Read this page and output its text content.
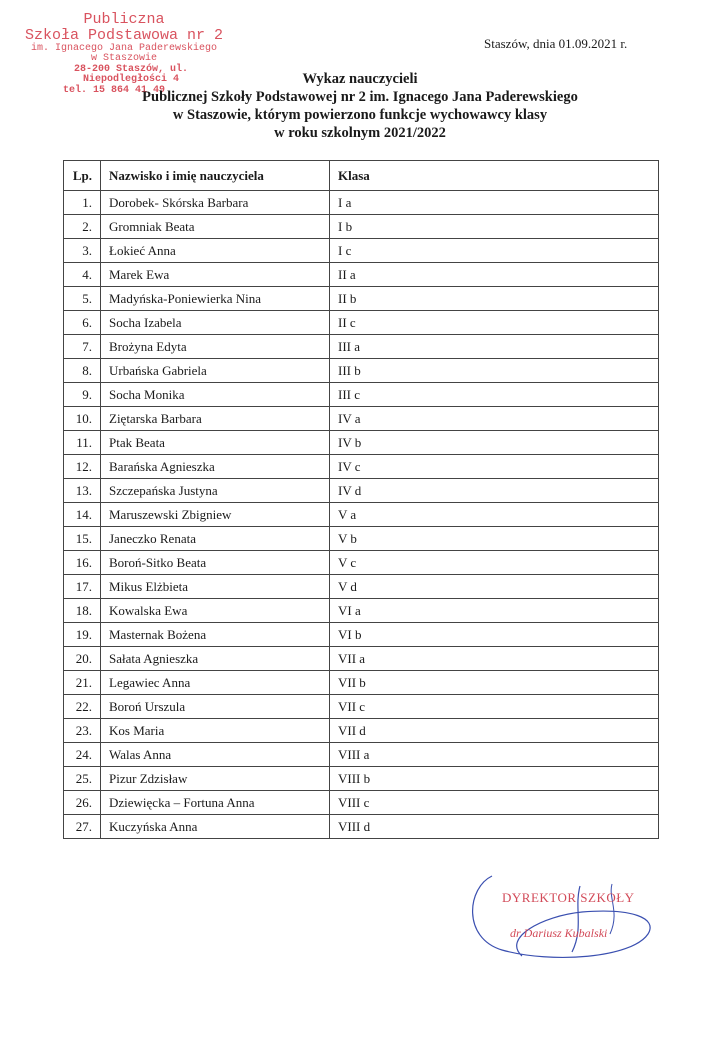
Publiczna
Szkoła Podstawowa nr 2
im. Ignacego Jana Paderewskiego
w Staszowie
28-200 Staszów, ul. Niepodległości 4
tel. 15 864 41 49
Staszów, dnia 01.09.2021 r.
Wykaz nauczycieli
Publicznej Szkoły Podstawowej nr 2 im. Ignacego Jana Paderewskiego
w Staszowie, którym powierzono funkcje wychowawcy klasy
w roku szkolnym 2021/2022
Lp.	Nazwisko i imię nauczyciela	Klasa
1.	Dorobek- Skórska Barbara	I a
2.	Gromniak Beata	I b
3.	Łokieć Anna	I c
4.	Marek Ewa	II a
5.	Madyńska-Poniewierka Nina	II b
6.	Socha Izabela	II c
7.	Brożyna Edyta	III a
8.	Urbańska Gabriela	III b
9.	Socha Monika	III c
10.	Ziętarska Barbara	IV a
11.	Ptak Beata	IV b
12.	Barańska Agnieszka	IV c
13.	Szczepańska Justyna	IV d
14.	Maruszewski Zbigniew	V a
15.	Janeczko Renata	V b
16.	Boroń-Sitko Beata	V c
17.	Mikus Elżbieta	V d
18.	Kowalska Ewa	VI a
19.	Masternak Bożena	VI b
20.	Sałata Agnieszka	VII a
21.	Legawiec Anna	VII b
22.	Boroń Urszula	VII c
23.	Kos Maria	VII d
24.	Walas Anna	VIII a
25.	Pizur Zdzisław	VIII b
26.	Dziewięcka – Fortuna Anna	VIII c
27.	Kuczyńska Anna	VIII d
DYREKTOR SZKOŁY
dr Dariusz Kubalski
